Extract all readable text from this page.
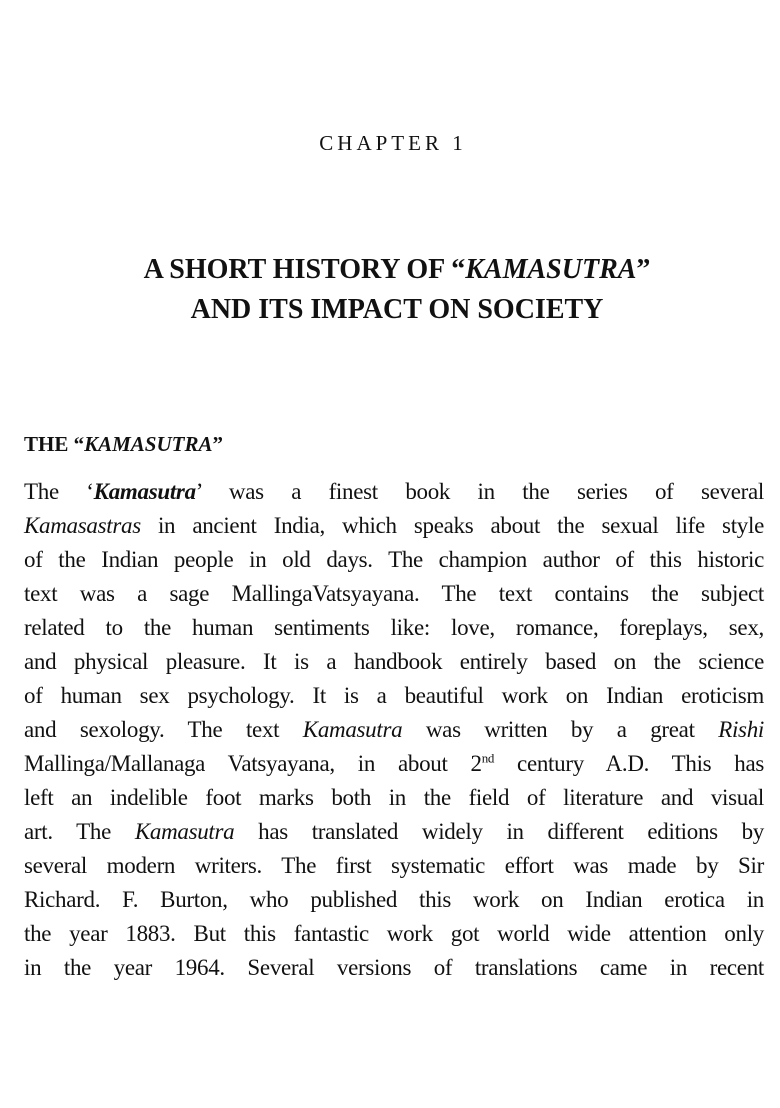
CHAPTER 1
A SHORT HISTORY OF “KAMASUTRA”
AND ITS IMPACT ON SOCIETY
THE “KAMASUTRA”
The ‘Kamasutra’ was a finest book in the series of several
Kamasastras in ancient India, which speaks about the sexual life style
of the Indian people in old days. The champion author of this historic
text was a sage MallingaVatsyayana. The text contains the subject
related to the human sentiments like: love, romance, foreplays, sex,
and physical pleasure. It is a handbook entirely based on the science
of human sex psychology. It is a beautiful work on Indian eroticism
and sexology. The text Kamasutra was written by a great Rishi
Mallinga/Mallanaga Vatsyayana, in about 2nd century A.D. This has
left an indelible foot marks both in the field of literature and visual
art. The Kamasutra has translated widely in different editions by
several modern writers. The first systematic effort was made by Sir
Richard. F. Burton, who published this work on Indian erotica in
the year 1883. But this fantastic work got world wide attention only
in the year 1964. Several versions of translations came in recent
